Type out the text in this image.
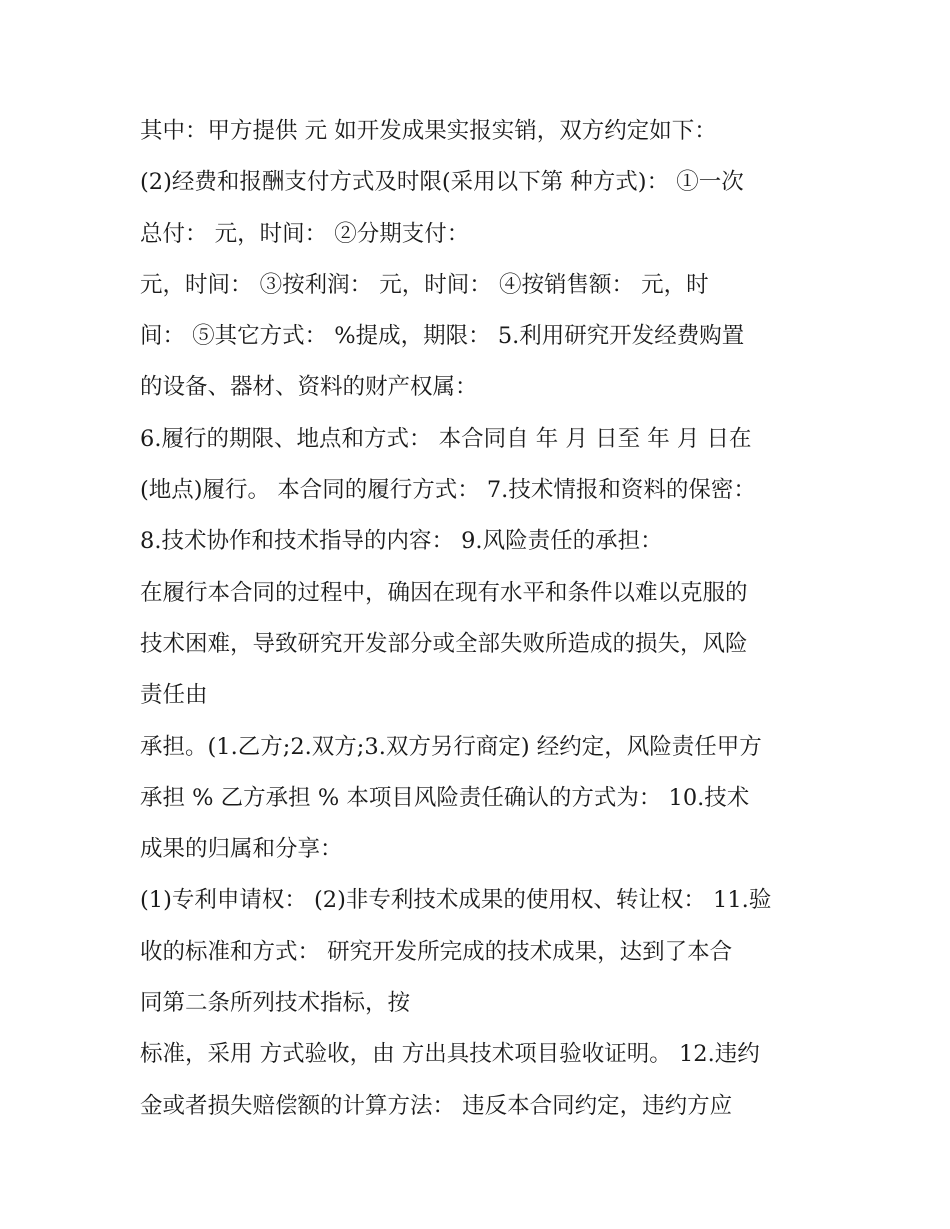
其中：甲方提供 元 如开发成果实报实销，双方约定如下：
(2)经费和报酬支付方式及时限(采用以下第 种方式)： ①一次
总付： 元，时间： ②分期支付：
元，时间： ③按利润： 元，时间： ④按销售额： 元，时
间： ⑤其它方式： %提成，期限： 5.利用研究开发经费购置
的设备、器材、资料的财产权属：
6.履行的期限、地点和方式： 本合同自 年 月 日至 年 月 日在
(地点)履行。 本合同的履行方式： 7.技术情报和资料的保密：
8.技术协作和技术指导的内容： 9.风险责任的承担：
在履行本合同的过程中，确因在现有水平和条件以难以克服的
技术困难，导致研究开发部分或全部失败所造成的损失，风险
责任由
承担。(1.乙方;2.双方;3.双方另行商定) 经约定，风险责任甲方
承担 % 乙方承担 % 本项目风险责任确认的方式为： 10.技术
成果的归属和分享：
(1)专利申请权： (2)非专利技术成果的使用权、转让权： 11.验
收的标准和方式： 研究开发所完成的技术成果，达到了本合
同第二条所列技术指标，按
标准，采用 方式验收，由 方出具技术项目验收证明。 12.违约
金或者损失赔偿额的计算方法： 违反本合同约定，违约方应
